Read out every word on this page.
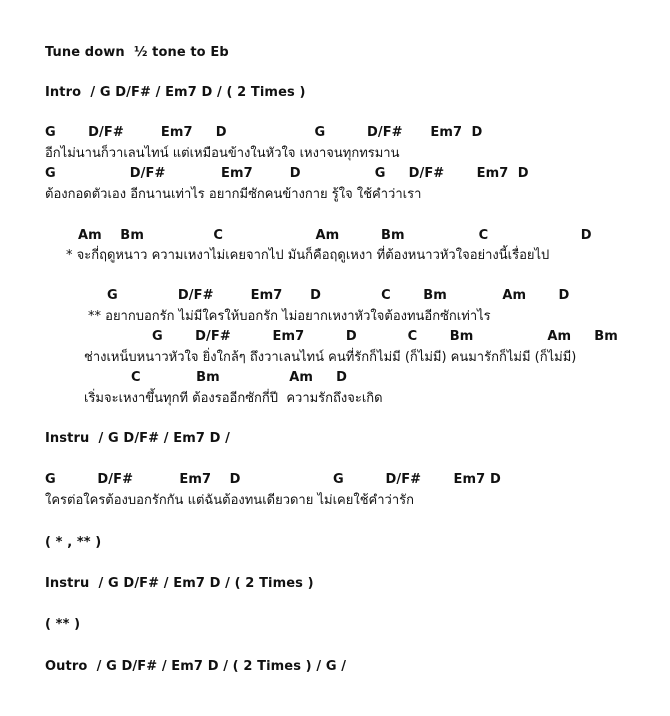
Tune down  ½ tone to Eb
Intro  / G D/F# / Em7 D / ( 2 Times )
G       D/F#        Em7     D                   G         D/F#      Em7  D
อีกไม่นานก็วาเลนไทน์ แต่เหมือนข้างในหัวใจ เหงาจนทุกทรมาน
G                D/F#            Em7        D                G     D/F#       Em7  D
ต้องกอดตัวเอง อีกนานเท่าไร อยากมีซักคนข้างกาย รู้ใจ ใช้คำว่าเรา
Am    Bm               C                    Am         Bm                C                    D
* จะกี่ฤดูหนาว ความเหงาไม่เคยจากไป มันก็คือฤดูเหงา ที่ต้องหนาวหัวใจอย่างนี้เรื่อยไป
G             D/F#        Em7      D             C       Bm            Am       D
** อยากบอกรัก ไม่มีใครให้บอกรัก ไม่อยากเหงาหัวใจต้องทนอีกซักเท่าไร
G       D/F#         Em7         D           C       Bm                Am     Bm
ช่างเหน็บหนาวหัวใจ ยิ่งใกล้ๆ ถึงวาเลนไทน์ คนที่รักก็ไม่มี (ก็ไม่มี) คนมารักก็ไม่มี (ก็ไม่มี)
C            Bm               Am     D
เริ่มจะเหงาขึ้นทุกที ต้องรออีกซักกี่ปี  ความรักถึงจะเกิด
Instru  / G D/F# / Em7 D /
G         D/F#          Em7    D                    G         D/F#       Em7 D
ใครต่อใครต้องบอกรักกัน แต่ฉันต้องทนเดียวดาย ไม่เคยใช้คำว่ารัก
( * , ** )
Instru  / G D/F# / Em7 D / ( 2 Times )
( ** )
Outro  / G D/F# / Em7 D / ( 2 Times ) / G /
